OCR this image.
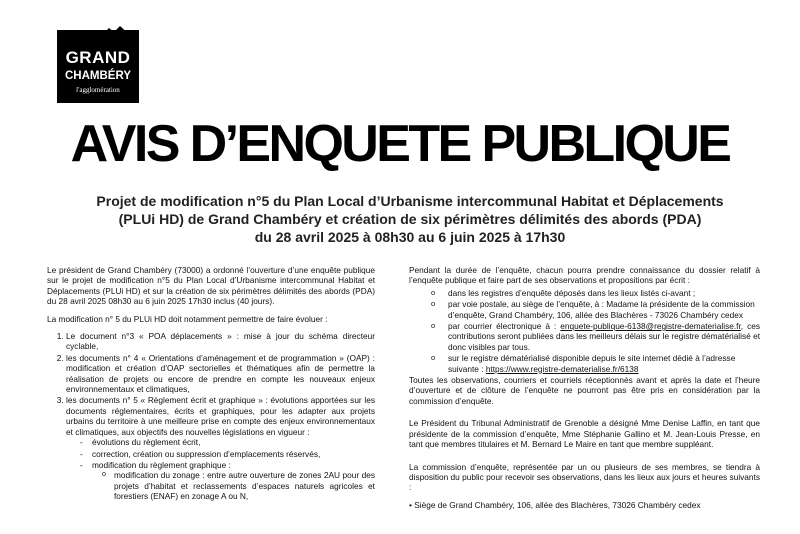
GRAND
CHAMBÉRY
l'agglomération
AVIS D’ENQUETE PUBLIQUE
Projet de modification n°5 du Plan Local d’Urbanisme intercommunal Habitat et Déplacements
(PLUi HD) de Grand Chambéry et création de six périmètres délimités des abords (PDA)
du 28 avril 2025 à 08h30 au 6 juin 2025 à 17h30

Le président de Grand Chambéry (73000) a ordonné l’ouverture d’une enquête publique sur le projet de modification n°5 du Plan Local d’Urbanisme intercommunal Habitat et Déplacements (PLUi HD) et sur la création de six périmètres délimités des abords (PDA) du 28 avril 2025 08h30 au 6 juin 2025 17h30 inclus (40 jours).

La modification n° 5 du PLUi HD doit notamment permettre de faire évoluer :

1. Le document n°3 « POA déplacements » : mise à jour du schéma directeur cyclable,
2. les documents n° 4 « Orientations d’aménagement et de programmation » (OAP) : modification et création d’OAP sectorielles et thématiques afin de permettre la réalisation de projets ou encore de prendre en compte les nouveaux enjeux environnementaux et climatiques,
3. les documents n° 5 « Règlement écrit et graphique » : évolutions apportées sur les documents réglementaires, écrits et graphiques, pour les adapter aux projets urbains du territoire à une meilleure prise en compte des enjeux environnementaux et climatiques, aux objectifs des nouvelles législations en vigueur :
- évolutions du règlement écrit,
- correction, création ou suppression d’emplacements réservés,
- modification du règlement graphique :
o modification du zonage : entre autre ouverture de zones 2AU pour des projets d’habitat et reclassements d’espaces naturels agricoles et forestiers (ENAF) en zonage A ou N,

Pendant la durée de l’enquête, chacun pourra prendre connaissance du dossier relatif à l’enquête publique et faire part de ses observations et propositions par écrit :

o dans les registres d’enquête déposés dans les lieux listés ci-avant ;
o par voie postale, au siège de l’enquête, à : Madame la présidente de la commission d’enquête, Grand Chambéry, 106, allée des Blachères - 73026 Chambéry cedex
o par courrier électronique à : enquete-publique-6138@registre-dematerialise.fr, ces contributions seront publiées dans les meilleurs délais sur le registre dématérialisé et donc visibles par tous.
o sur le registre dématérialisé disponible depuis le site internet dédié à l’adresse suivante : https://www.registre-dematerialise.fr/6138

Toutes les observations, courriers et courriels réceptionnés avant et après la date et l’heure d’ouverture et de clôture de l’enquête ne pourront pas être pris en considération par la commission d’enquête.

Le Président du Tribunal Administratif de Grenoble a désigné Mme Denise Laffin, en tant que présidente de la commission d’enquête, Mme Stéphanie Gallino et M. Jean-Louis Presse, en tant que membres titulaires et M. Bernard Le Maire en tant que membre suppléant.

La commission d’enquête, représentée par un ou plusieurs de ses membres, se tiendra à disposition du public pour recevoir ses observations, dans les lieux aux jours et heures suivants :

• Siège de Grand Chambéry, 106, allée des Blachères, 73026 Chambéry cedex
